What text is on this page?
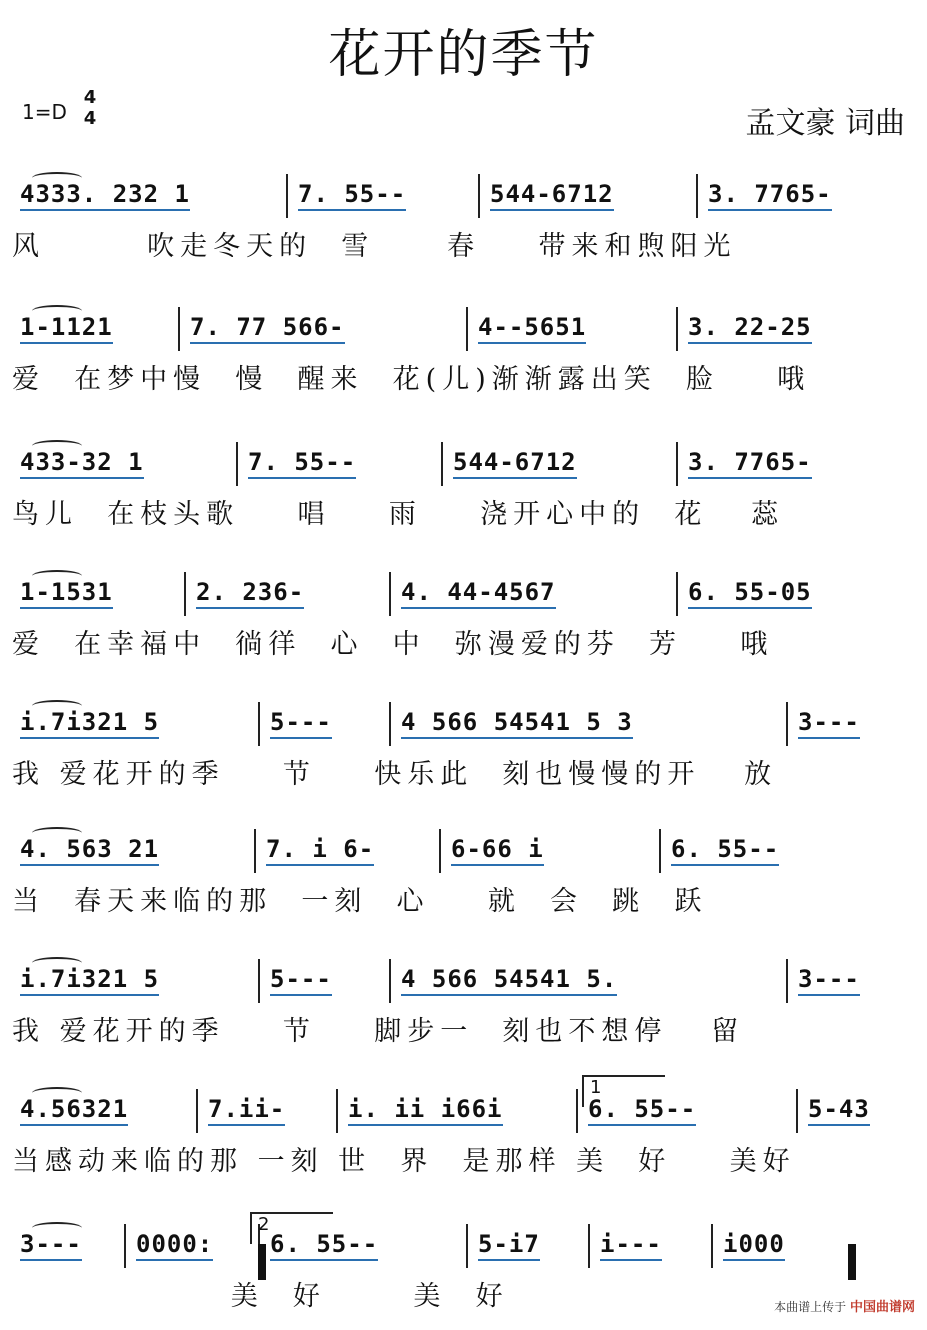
花开的季节
1=D
4
4	孟文豪 词曲
4333. 232 1	7. 55--	544-6712	3. 7765-
风       吹走冬天的  雪     春    带来和煦阳光
1-1121	7. 77 566-	4--5651	3. 22-25
爱  在梦中慢  慢  醒来  花(儿)渐渐露出笑  脸    哦
433-32 1	7. 55--	544-6712	3. 7765-
鸟儿  在枝头歌    唱    雨    浇开心中的  花   蕊
1-1531	2. 236-	4. 44-4567	6. 55-05
爱  在幸福中  徜徉  心  中  弥漫爱的芬  芳    哦
i.7i321 5	5---	4 566 54541 5 3	3---
我 爱花开的季    节    快乐此  刻也慢慢的开   放
4. 563 21	7. i 6-	6-66 i	6. 55--
当  春天来临的那  一刻  心    就  会  跳  跃
i.7i321 5	5---	4 566 54541 5.	3---
我 爱花开的季    节    脚步一  刻也不想停   留
4.56321	7.ii-	i. ii i66i	6. 55--	5-43
当感动来临的那 一刻 世  界  是那样 美  好    美好
3--- 0000: 6. 55--	5-i7	i---	i000
美  好      美  好	本曲谱上传于 中国曲谱网
1
2
